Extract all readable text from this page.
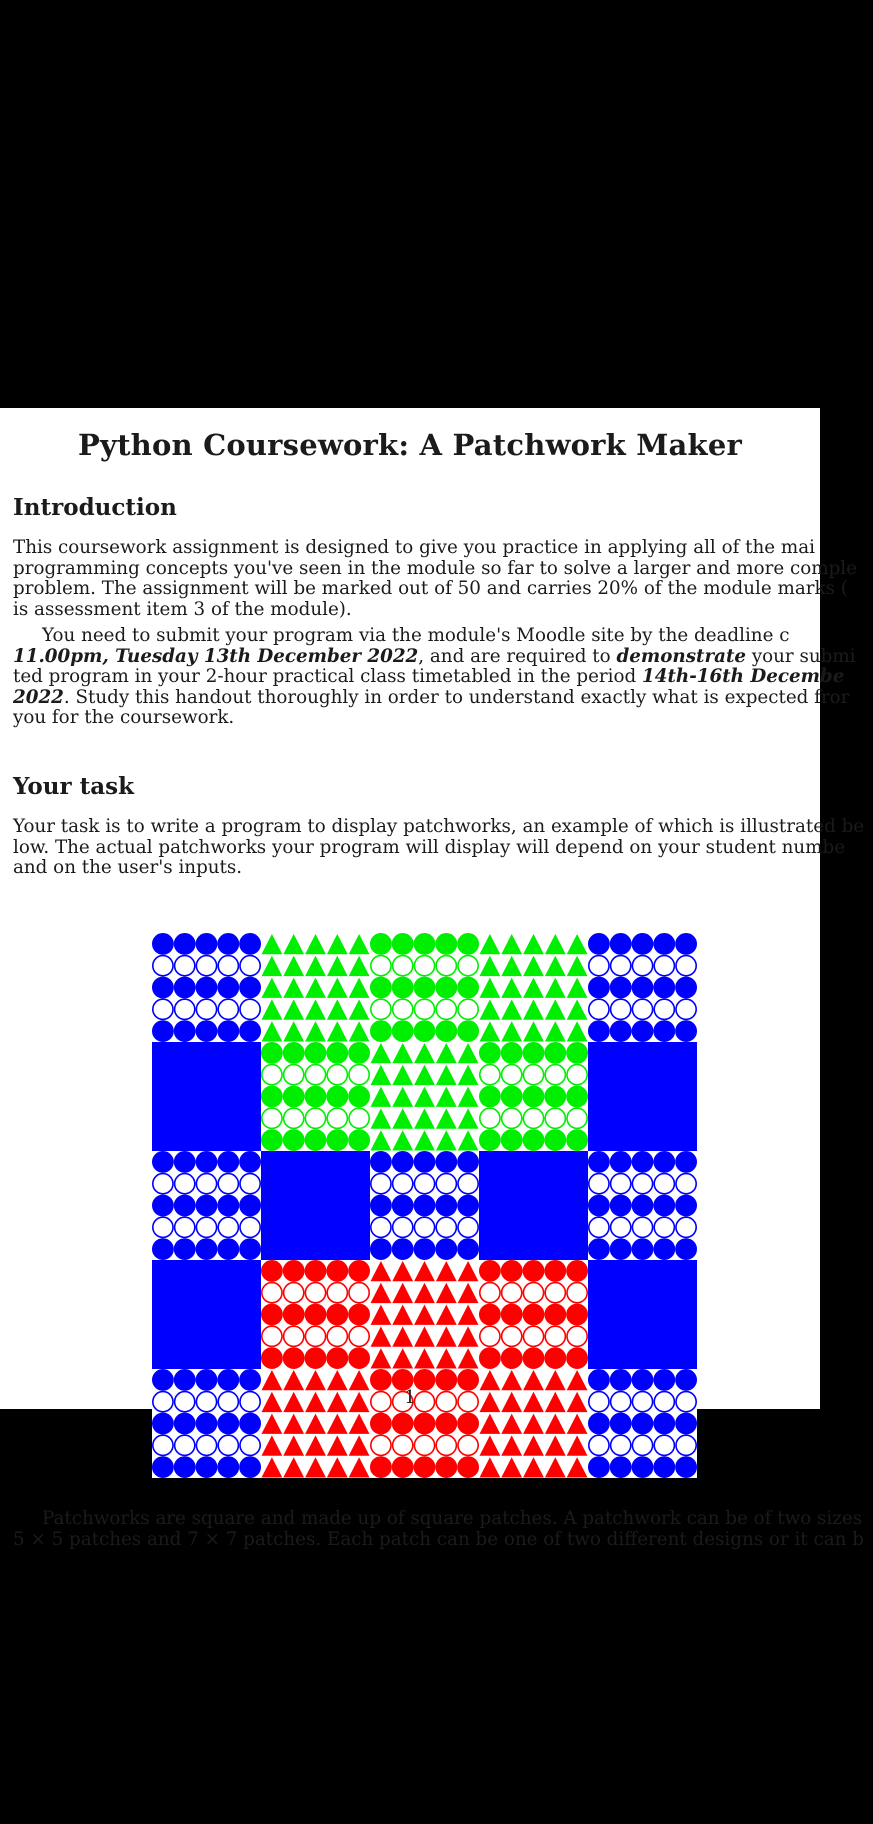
Python Coursework: A Patchwork Maker
Introduction
This coursework assignment is designed to give you practice in applying all of the mai
programming concepts you've seen in the module so far to solve a larger and more comple
problem. The assignment will be marked out of 50 and carries 20% of the module marks (
is assessment item 3 of the module).
You need to submit your program via the module's Moodle site by the deadline c
11.00pm, Tuesday 13th December 2022, and are required to demonstrate your submi
ted program in your 2-hour practical class timetabled in the period 14th-16th Decembe
2022. Study this handout thoroughly in order to understand exactly what is expected fror
you for the coursework.
Your task
Your task is to write a program to display patchworks, an example of which is illustrated be
low. The actual patchworks your program will display will depend on your student numbe
and on the user's inputs.
Patchworks are square and made up of square patches. A patchwork can be of two sizes
5 × 5 patches and 7 × 7 patches. Each patch can be one of two different designs or it can b
1
